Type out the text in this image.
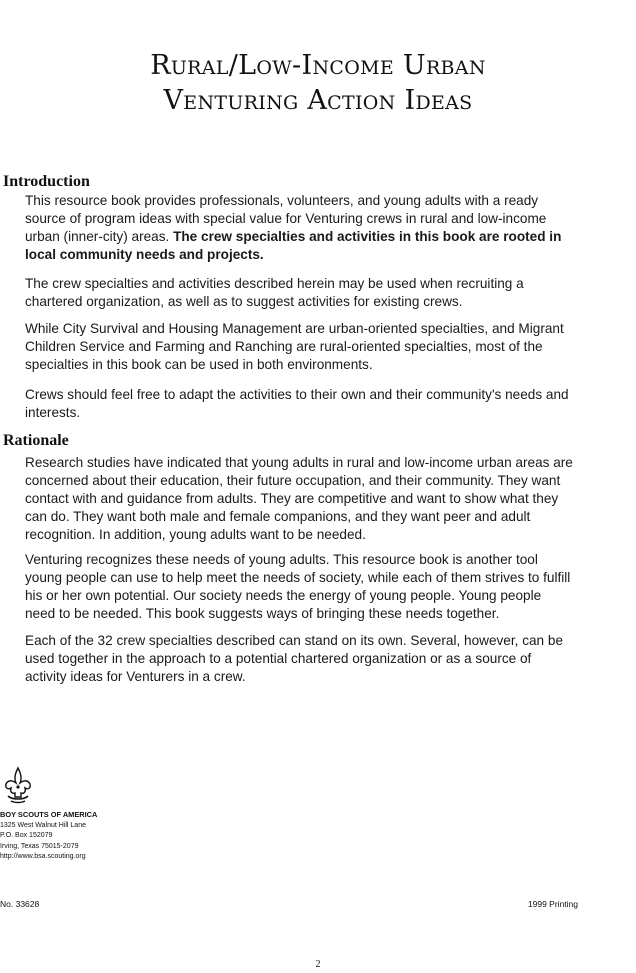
Rural/Low-Income Urban
Venturing Action Ideas
Introduction

This resource book provides professionals, volunteers, and young adults with a ready source of program ideas with special value for Venturing crews in rural and low-income urban (inner-city) areas. The crew specialties and activities in this book are rooted in local community needs and projects.

The crew specialties and activities described herein may be used when recruiting a chartered organization, as well as to suggest activities for existing crews.

While City Survival and Housing Management are urban-oriented specialties, and Migrant Children Service and Farming and Ranching are rural-oriented specialties, most of the specialties in this book can be used in both environments.

Crews should feel free to adapt the activities to their own and their community's needs and interests.

Rationale

Research studies have indicated that young adults in rural and low-income urban areas are concerned about their education, their future occupation, and their community. They want contact with and guidance from adults. They are competitive and want to show what they can do. They want both male and female companions, and they want peer and adult recognition. In addition, young adults want to be needed.

Venturing recognizes these needs of young adults. This resource book is another tool young people can use to help meet the needs of society, while each of them strives to fulfill his or her own potential. Our society needs the energy of young people. Young people need to be needed. This book suggests ways of bringing these needs together.

Each of the 32 crew specialties described can stand on its own. Several, however, can be used together in the approach to a potential chartered organization or as a source of activity ideas for Venturers in a crew.

BOY SCOUTS OF AMERICA
1325 West Walnut Hill Lane
P.O. Box 152079
Irving, Texas 75015-2079
http://www.bsa.scouting.org
No. 33628	1999 Printing
2
